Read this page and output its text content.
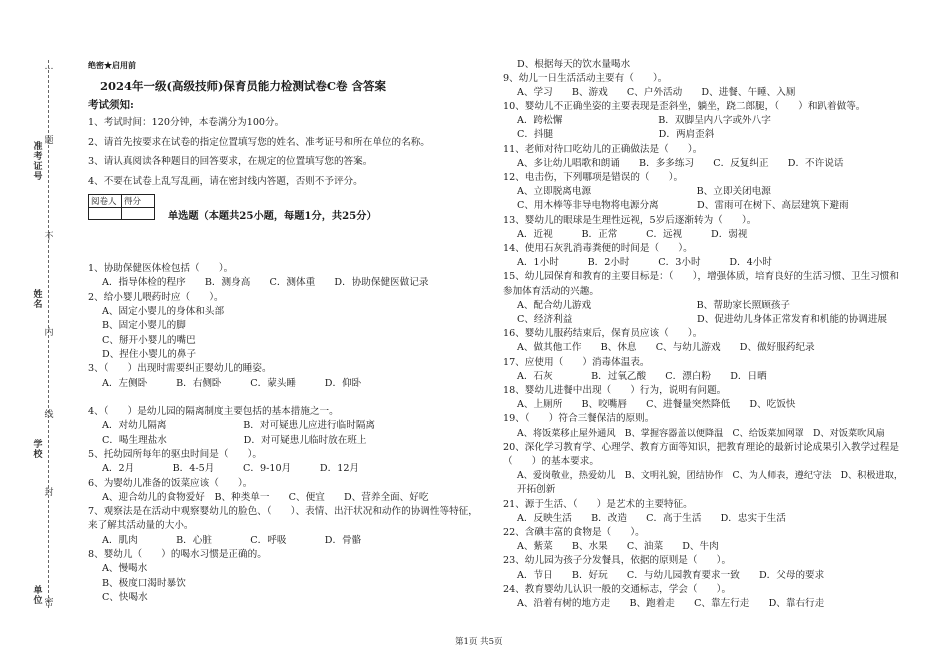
准考证号
姓名
学校
单位
…
题
不
内
线
封
密
绝密★启用前
2024年一级(高级技师)保育员能力检测试卷C卷 含答案
考试须知:
1、考试时间：120分钟，本卷满分为100分。
2、请首先按要求在试卷的指定位置填写您的姓名、准考证号和所在单位的名称。
3、请认真阅读各种题目的回答要求，在规定的位置填写您的答案。
4、不要在试卷上乱写乱画，请在密封线内答题，否则不予评分。
阅卷人	得分

单选题（本题共25小题，每题1分，共25分）
1、协助保健医体检包括（　　）。
A．指导体检的程序　　B．测身高　　C．测体重　　D．协助保健医做记录
2、给小婴儿喂药时应（　　）。
A、固定小婴儿的身体和头部
B、固定小婴儿的脚
C、掰开小婴儿的嘴巴
D、捏住小婴儿的鼻子
3、（　　）出现时需要纠正婴幼儿的睡姿。
A．左侧卧　　　B．右侧卧　　　C．蒙头睡　　　D．仰卧
4、（　　）是幼儿园的隔离制度主要包括的基本措施之一。
A．对幼儿隔离　　　　　　　　B．对可疑患儿应进行临时隔离
C．喝生理盐水　　　　　　　　D．对可疑患儿临时放在班上
5、托幼园所每年的驱虫时间是（　　）。
A．2月　　　　B．4-5月　　　C．9-10月　　　D．12月
6、为婴幼儿准备的饭菜应该（　　）。
A、迎合幼儿的食物爱好　B、种类单一　　C、便宜　　D、营养全面、好吃
7、观察法是在活动中观察婴幼儿的脸色、（　　）、表情、出汗状况和动作的协调性等特征，
来了解其活动量的大小。
A．肌肉　　　　B．心脏　　　　C．呼吸　　　　D．骨骼
8、婴幼儿（　　）的喝水习惯是正确的。
A、慢喝水
B、极度口渴时暴饮
C、快喝水
D、根据每天的饮水量喝水
9、幼儿一日生活活动主要有（　　）。
A、学习　　B、游戏　　C、户外活动　　D、进餐、午睡、入厕
10、婴幼儿不正确坐姿的主要表现是歪斜坐，躺坐，跷二郎腿，（　　）和趴着做等。
A．跨松懈　　　　　　　　　　B．双脚呈内八字或外八字
C．抖腿　　　　　　　　　　　D．两肩歪斜
11、老师对待口吃幼儿的正确做法是（　　）。
A、多让幼儿唱歌和朗诵　　B．多多练习　　C．反复纠正　　D．不许说话
12、电击伤，下列哪项是错误的（　　）。
A、立即脱离电源　　　　　　　　　　　B、立即关闭电源
C、用木棒等非导电物将电源分离　　　　D、雷雨可在树下、高层建筑下避雨
13、婴幼儿的眼球是生理性远视，5岁后逐渐转为（　　）。
A．近视　　　B．正常　　　C．远视　　　D．弱视
14、使用石灰乳消毒粪便的时间是（　　）。
A．1小时　　　B．2小时　　　C．3小时　　　D．4小时
15、幼儿园保育和教育的主要目标是：（　　），增强体质，培育良好的生活习惯、卫生习惯和
参加体育活动的兴趣。
A、配合幼儿游戏　　　　　　　　　　　B、帮助家长照顾孩子
C、经济利益　　　　　　　　　　　　　D、促进幼儿身体正常发育和机能的协调进展
16、婴幼儿服药结束后，保育员应该（　　）。
A、做其他工作　　B、休息　　C、与幼儿游戏　　D、做好服药纪录
17、应使用（　　）消毒体温表。
A．石灰　　　　B．过氧乙酸　　C．漂白粉　　D．日晒
18、婴幼儿进餐中出现（　　）行为，说明有问题。
A、上厕所　　B、咬嘴唇　　C、进餐量突然降低　　D、吃饭快
19、（　　）符合三餐保洁的原则。
A、将饭菜移止屋外通风　B、掌握容器盖以便降温　C、给饭菜加网罩　D、对饭菜吹风扇
20、深化学习教育学、心理学、教育方面等知识，把教育理论的最新讨论成果引入教学过程是
（　　）的基本要求。
A、爱岗敬业，热爱幼儿　B、文明礼貌，团结协作　C、为人师表，遵纪守法　D、积极进取，
开拓创新
21、源于生活、（　　）是艺术的主要特征。
A．反映生活　　B．改造　　C．高于生活　　D．忠实于生活
22、含碘丰富的食物是（　　）。
A、紫菜　　B、水果　　C、油菜　　D、牛肉
23、幼儿园为孩子分发餐具，依据的原则是（　　）。
A．节日　　B．好玩　　C．与幼儿园教育要求一致　　D．父母的要求
24、教育婴幼儿认识一般的交通标志，学会（　　）。
A、沿着有树的地方走　　B、跑着走　　C、靠左行走　　D、靠右行走
第1页 共5页
